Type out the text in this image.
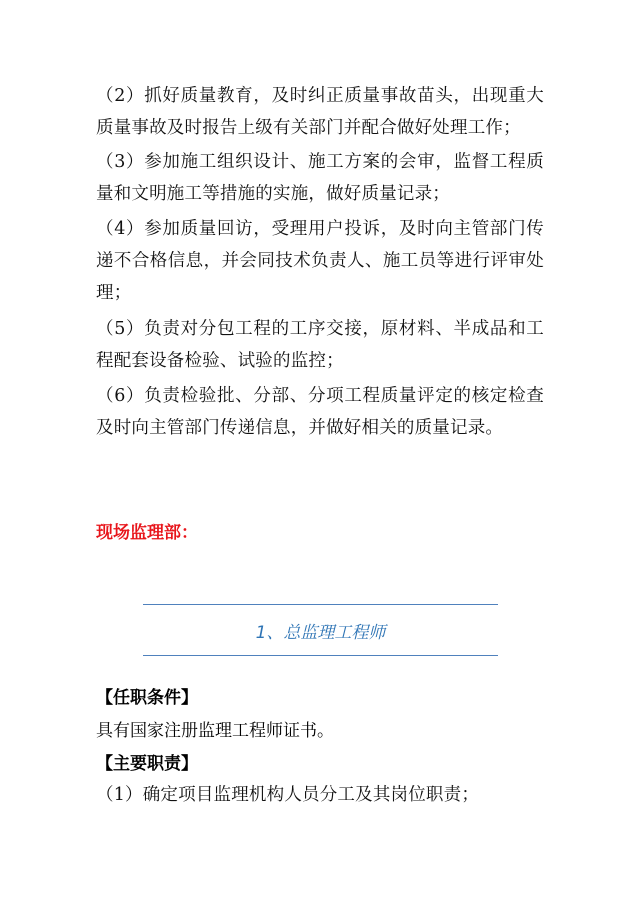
（2）抓好质量教育，及时纠正质量事故苗头，出现重大质量事故及时报告上级有关部门并配合做好处理工作；

（3）参加施工组织设计、施工方案的会审，监督工程质量和文明施工等措施的实施，做好质量记录；

（4）参加质量回访，受理用户投诉，及时向主管部门传递不合格信息，并会同技术负责人、施工员等进行评审处理；

（5）负责对分包工程的工序交接，原材料、半成品和工程配套设备检验、试验的监控；

（6）负责检验批、分部、分项工程质量评定的核定检查及时向主管部门传递信息，并做好相关的质量记录。

现场监理部：

1、总监理工程师

【任职条件】

具有国家注册监理工程师证书。

【主要职责】

（1）确定项目监理机构人员分工及其岗位职责；
